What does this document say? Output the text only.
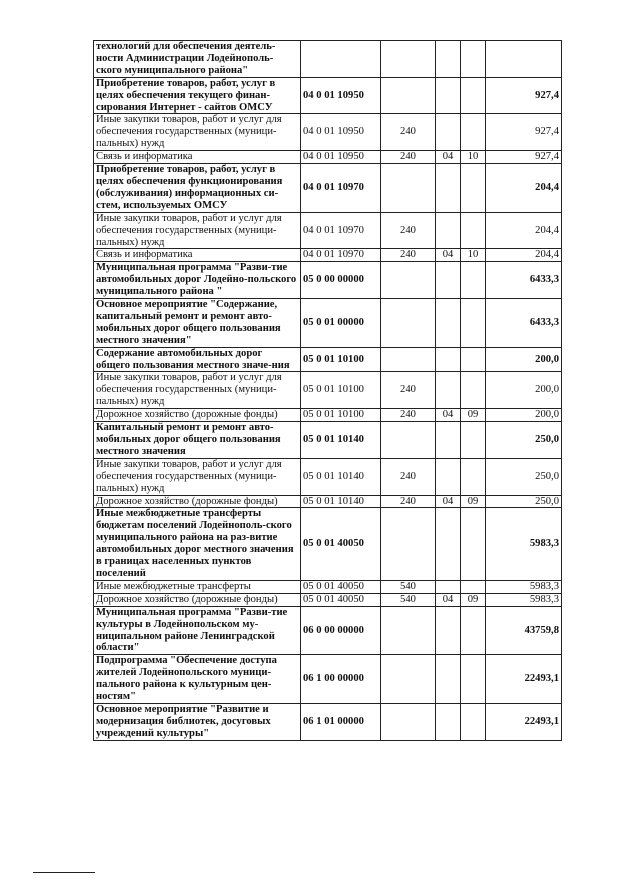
технологий для обеспечения деятель-ности Администрации Лодейнополь-ского муниципального района"					
Приобретение товаров, работ, услуг в целях обеспечения текущего финан-сирования Интернет - сайтов ОМСУ	04 0 01 10950				927,4
Иные закупки товаров, работ и услуг для обеспечения государственных (муници-пальных) нужд	04 0 01 10950	240			927,4
Связь и информатика	04 0 01 10950	240	04	10	927,4
Приобретение товаров, работ, услуг в целях обеспечения функционирования (обслуживания) информационных си-стем, используемых ОМСУ	04 0 01 10970				204,4
Иные закупки товаров, работ и услуг для обеспечения государственных (муници-пальных) нужд	04 0 01 10970	240			204,4
Связь и информатика	04 0 01 10970	240	04	10	204,4
Муниципальная программа "Разви-тие автомобильных дорог Лодейно-польского муниципального района "	05 0 00 00000				6433,3
Основное мероприятие "Содержание, капитальный ремонт и ремонт авто-мобильных дорог общего пользования местного значения"	05 0 01 00000				6433,3
Содержание автомобильных дорог общего пользования местного значе-ния	05 0 01 10100				200,0
Иные закупки товаров, работ и услуг для обеспечения государственных (муници-пальных) нужд	05 0 01 10100	240			200,0
Дорожное хозяйство (дорожные фонды)	05 0 01 10100	240	04	09	200,0
Капитальный ремонт и ремонт авто-мобильных дорог общего пользования местного значения	05 0 01 10140				250,0
Иные закупки товаров, работ и услуг для обеспечения государственных (муници-пальных) нужд	05 0 01 10140	240			250,0
Дорожное хозяйство (дорожные фонды)	05 0 01 10140	240	04	09	250,0
Иные межбюджетные трансферты бюджетам поселений Лодейнополь-ского муниципального района на раз-витие автомобильных дорог местного значения в границах населенных пунктов поселений	05 0 01 40050				5983,3
Иные межбюджетные трансферты	05 0 01 40050	540			5983,3
Дорожное хозяйство (дорожные фонды)	05 0 01 40050	540	04	09	5983,3
Муниципальная программа "Разви-тие культуры в Лодейнопольском му-ниципальном районе Ленинградской области"	06 0 00 00000				43759,8
Подпрограмма "Обеспечение доступа жителей Лодейнопольского муници-пального района к культурным цен-ностям"	06 1 00 00000				22493,1
Основное мероприятие "Развитие и модернизация библиотек, досуговых учреждений культуры"	06 1 01 00000				22493,1
